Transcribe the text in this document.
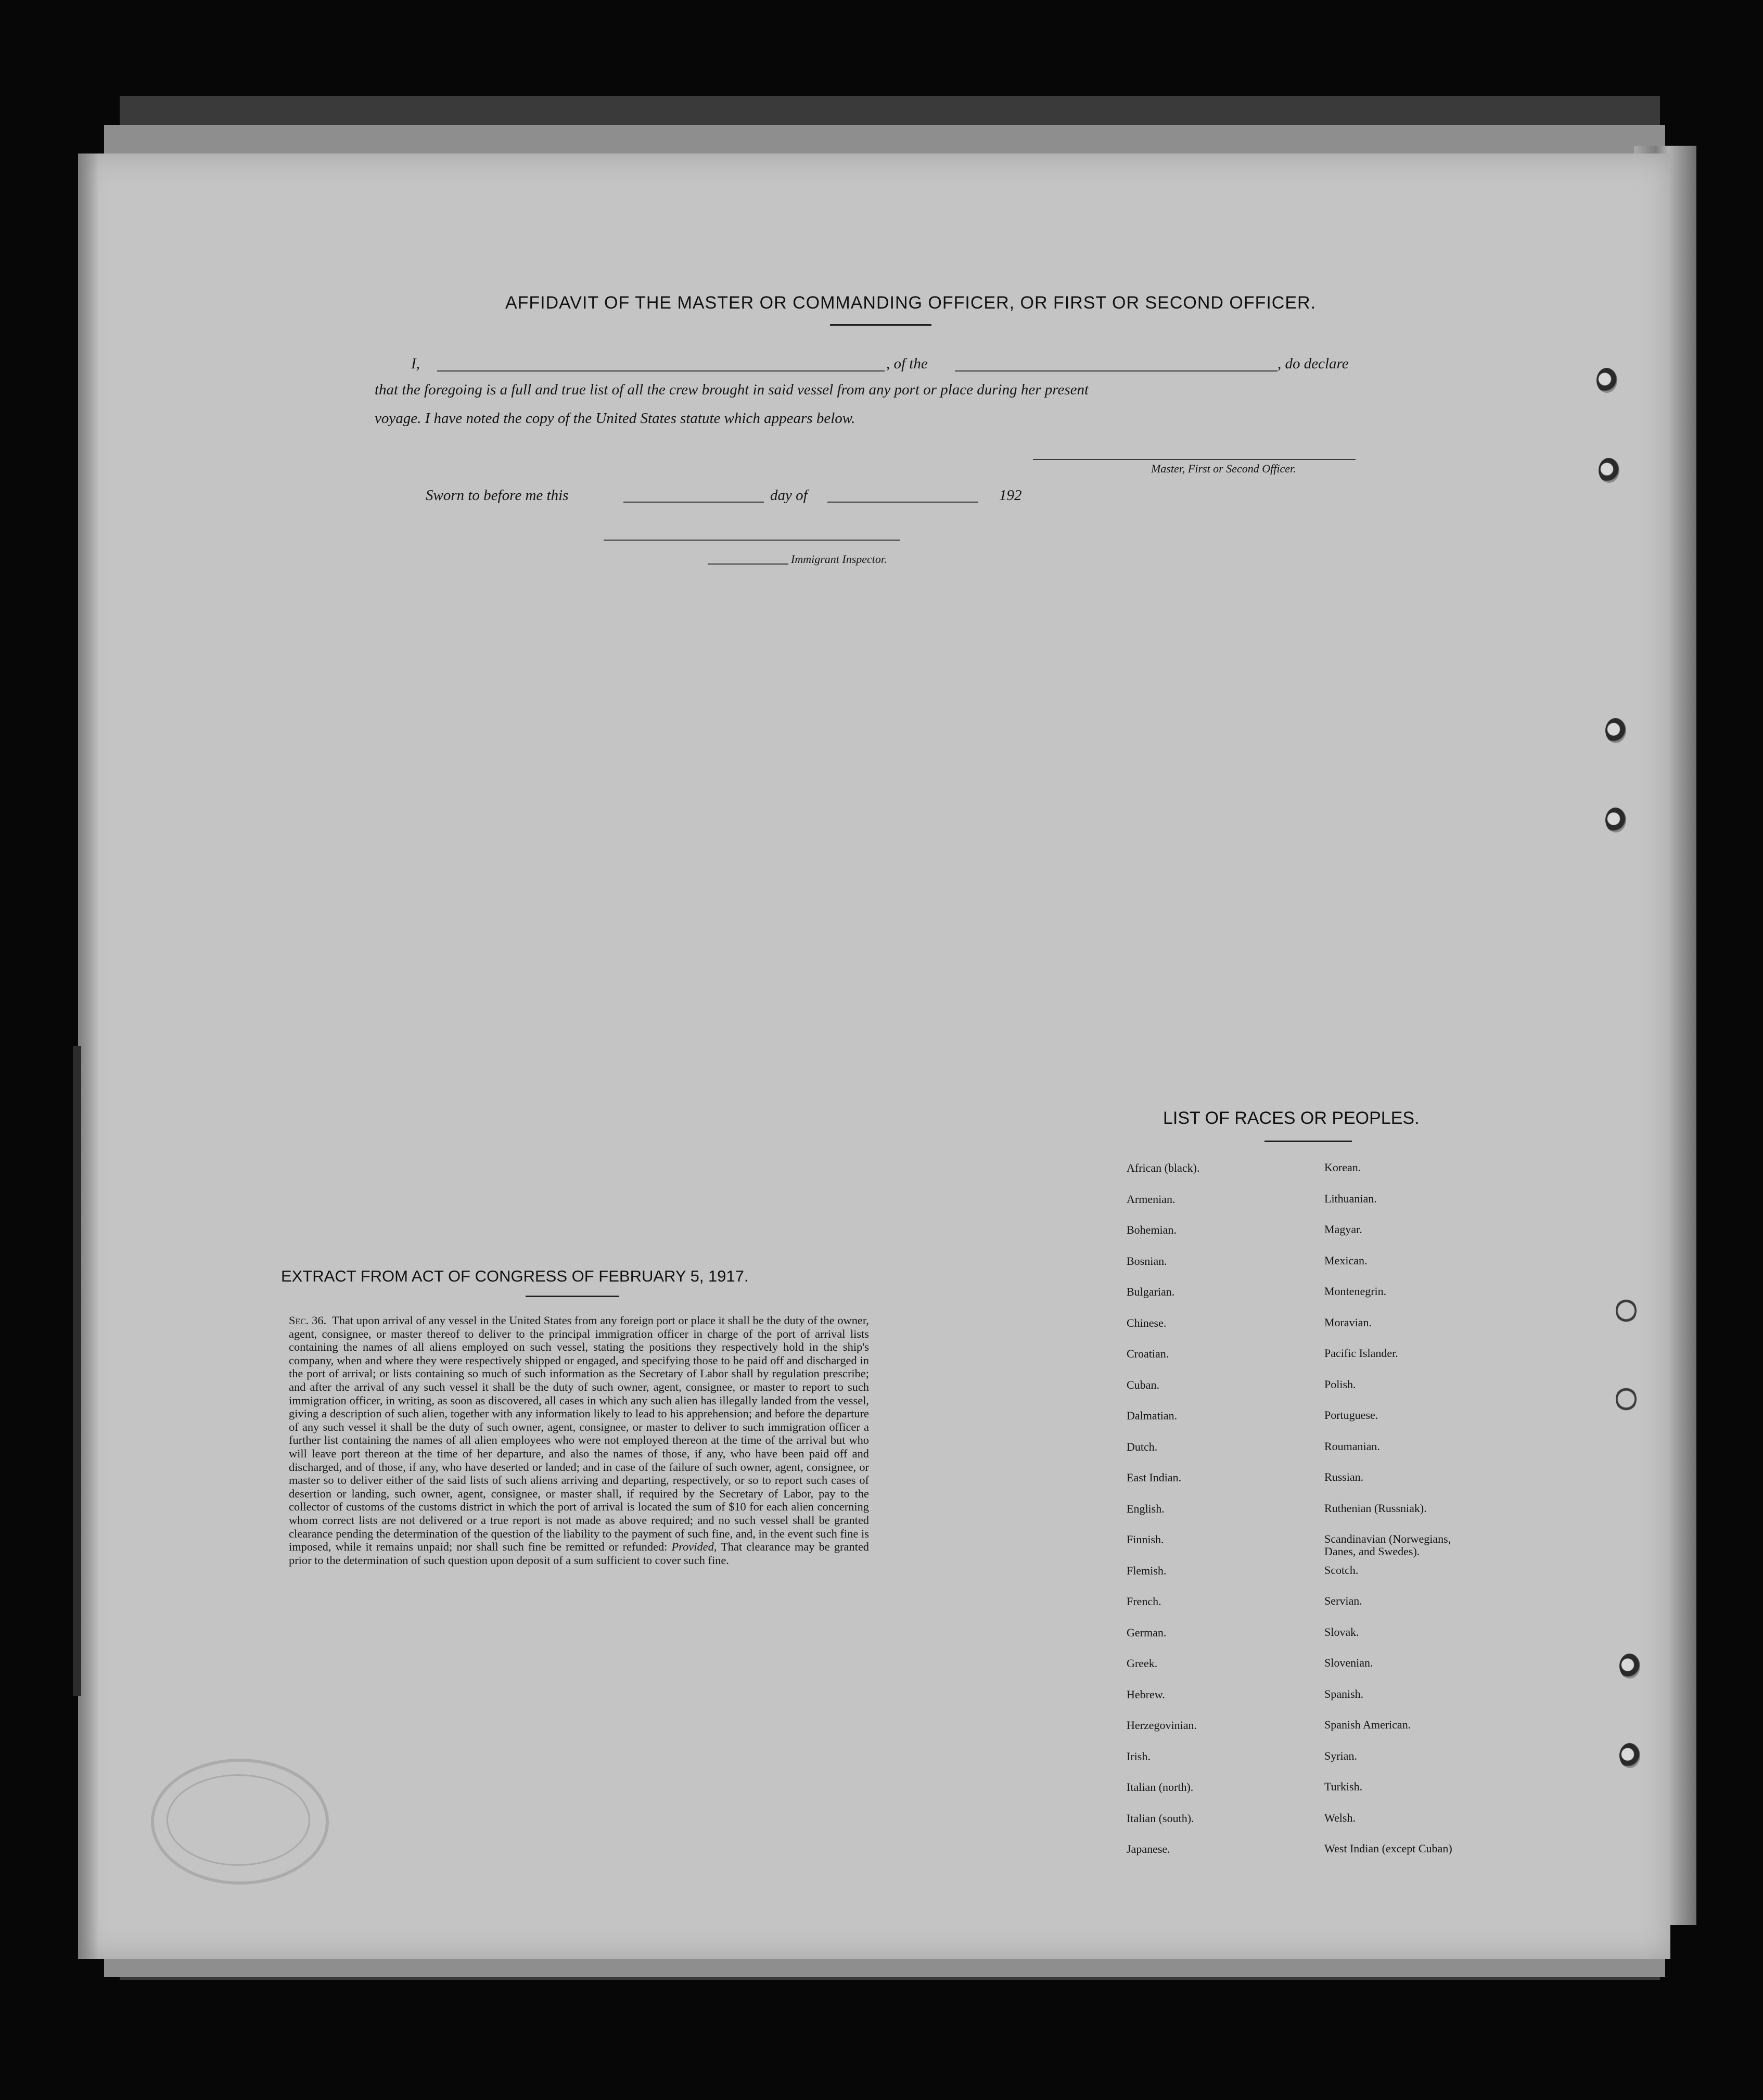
AFFIDAVIT OF THE MASTER OR COMMANDING OFFICER, OR FIRST OR SECOND OFFICER.
I,	, of the	, do declare
that the foregoing is a full and true list of all the crew brought in said vessel from any port or place during her present
voyage. I have noted the copy of the United States statute which appears below.
Master, First or Second Officer.
Sworn to before me this	day of	192
Immigrant Inspector.
EXTRACT FROM ACT OF CONGRESS OF FEBRUARY 5, 1917.
Sec. 36. That upon arrival of any vessel in the United States from any foreign port or place it shall be the duty of the owner, agent, consignee, or master thereof to deliver to the principal immigration officer in charge of the port of arrival lists containing the names of all aliens employed on such vessel, stating the positions they respectively hold in the ship's company, when and where they were respectively shipped or engaged, and specifying those to be paid off and discharged in the port of arrival; or lists containing so much of such information as the Secretary of Labor shall by regulation prescribe; and after the arrival of any such vessel it shall be the duty of such owner, agent, consignee, or master to report to such immigration officer, in writing, as soon as discovered, all cases in which any such alien has illegally landed from the vessel, giving a description of such alien, together with any information likely to lead to his apprehension; and before the departure of any such vessel it shall be the duty of such owner, agent, consignee, or master to deliver to such immigration officer a further list containing the names of all alien employees who were not employed thereon at the time of the arrival but who will leave port thereon at the time of her departure, and also the names of those, if any, who have been paid off and discharged, and of those, if any, who have deserted or landed; and in case of the failure of such owner, agent, consignee, or master so to deliver either of the said lists of such aliens arriving and departing, respectively, or so to report such cases of desertion or landing, such owner, agent, consignee, or master shall, if required by the Secretary of Labor, pay to the collector of customs of the customs district in which the port of arrival is located the sum of $10 for each alien concerning whom correct lists are not delivered or a true report is not made as above required; and no such vessel shall be granted clearance pending the determination of the question of the liability to the payment of such fine, and, in the event such fine is imposed, while it remains unpaid; nor shall such fine be remitted or refunded: Provided, That clearance may be granted prior to the determination of such question upon deposit of a sum sufficient to cover such fine.
LIST OF RACES OR PEOPLES.
African (black).	Korean.
Armenian.	Lithuanian.
Bohemian.	Magyar.
Bosnian.	Mexican.
Bulgarian.	Montenegrin.
Chinese.	Moravian.
Croatian.	Pacific Islander.
Cuban.	Polish.
Dalmatian.	Portuguese.
Dutch.	Roumanian.
East Indian.	Russian.
English.	Ruthenian (Russniak).
Finnish.	Scandinavian (Norwegians,
Danes, and Swedes).
Flemish.	Scotch.
French.	Servian.
German.	Slovak.
Greek.	Slovenian.
Hebrew.	Spanish.
Herzegovinian.	Spanish American.
Irish.	Syrian.
Italian (north).	Turkish.
Italian (south).	Welsh.
Japanese.	West Indian (except Cuban)
